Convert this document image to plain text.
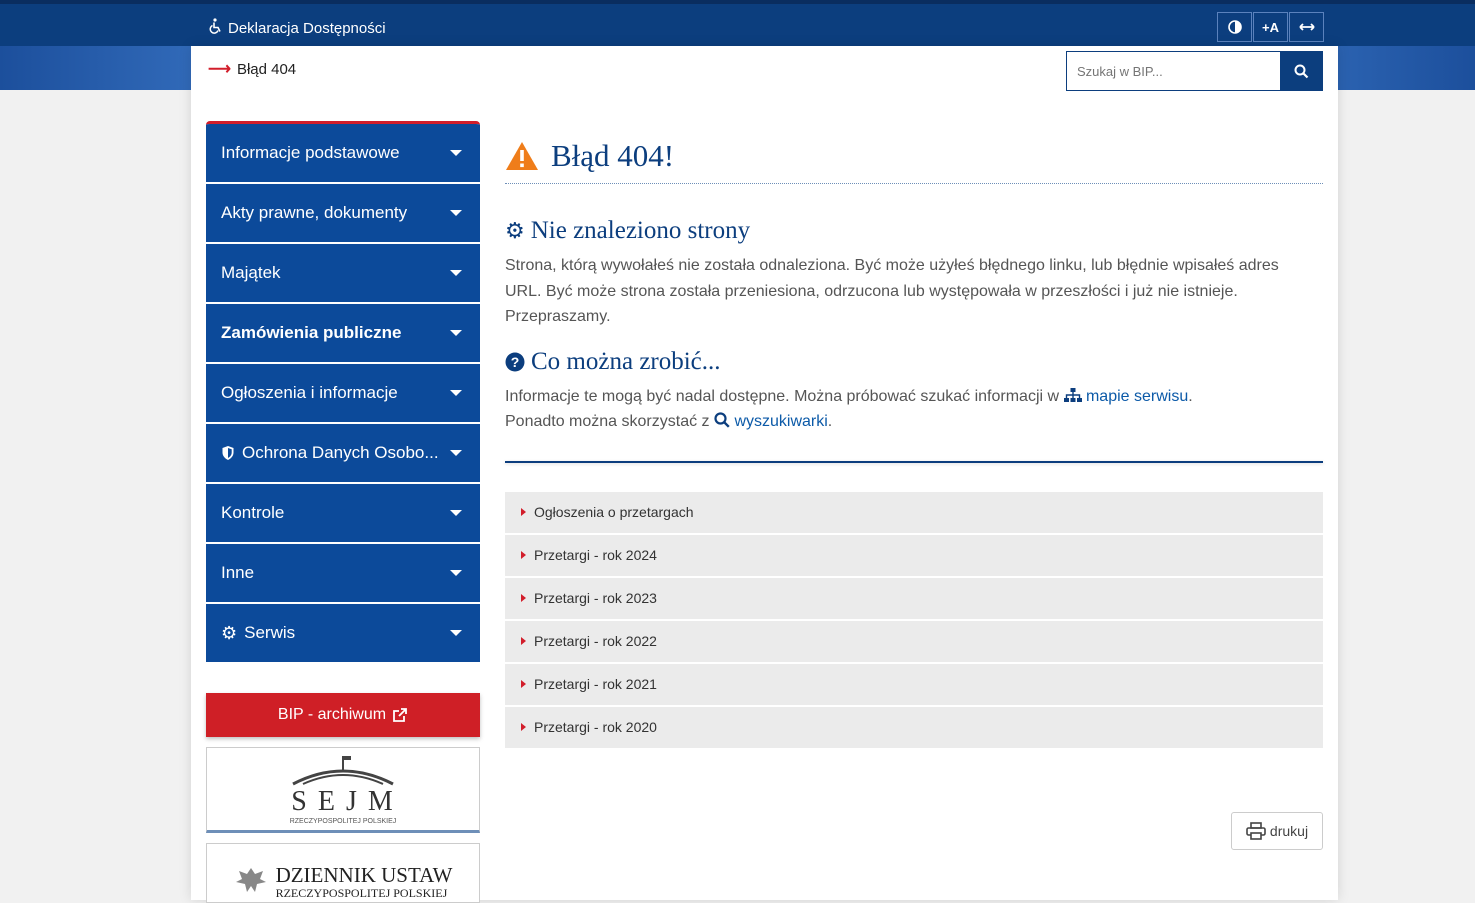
Deklaracja Dostępności	+A
⟶ Błąd 404
Szukaj w BIP...
Informacje podstawowe
Akty prawne, dokumenty
Majątek
Zamówienia publiczne
Ogłoszenia i informacje
Ochrona Danych Osobo...
Kontrole
Inne
⚙ Serwis
BIP - archiwum
S E J M
RZECZYPOSPOLITEJ POLSKIEJ
DZIENNIK USTAW
RZECZYPOSPOLITEJ POLSKIEJ
Błąd 404!
⚙ Nie znaleziono strony
Strona, którą wywołałeś nie została odnaleziona. Być może użyłeś błędnego linku, lub błędnie wpisałeś adres URL. Być może strona została przeniesiona, odrzucona lub występowała w przeszłości i już nie istnieje. Przepraszamy.
? Co można zrobić...
Informacje te mogą być nadal dostępne. Można próbować szukać informacji w mapie serwisu.
Ponadto można skorzystać z wyszukiwarki.
Ogłoszenia o przetargach
Przetargi - rok 2024
Przetargi - rok 2023
Przetargi - rok 2022
Przetargi - rok 2021
Przetargi - rok 2020
drukuj
